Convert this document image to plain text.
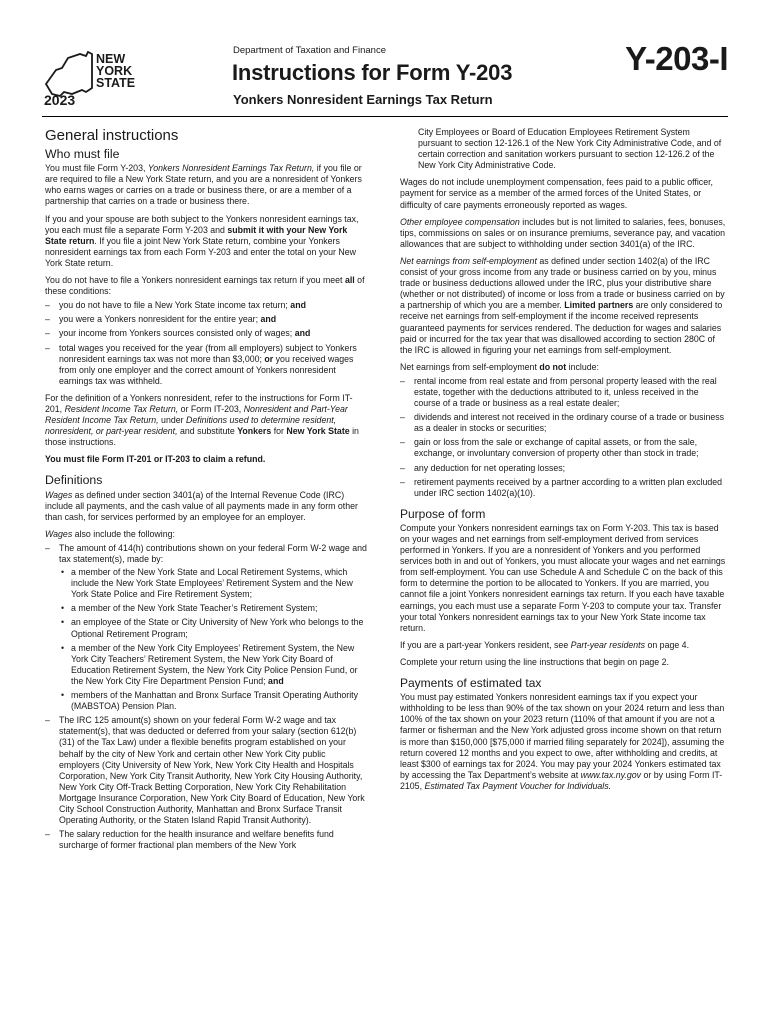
NEW
YORK
STATE
2023
Department of Taxation and Finance
Instructions for Form Y-203
Yonkers Nonresident Earnings Tax Return
Y-203-I
General instructions
Who must file

You must file Form Y-203, Yonkers Nonresident Earnings Tax Return, if you file or are required to file a New York State return, and you are a nonresident of Yonkers who earns wages or carries on a trade or business there, or are a member of a partnership that carries on a trade or business there.

If you and your spouse are both subject to the Yonkers nonresident earnings tax, you each must file a separate Form Y-203 and submit it with your New York State return. If you file a joint New York State return, combine your Yonkers nonresident earnings tax from each Form Y-203 and enter the total on your New York State return.

You do not have to file a Yonkers nonresident earnings tax return if you meet all of these conditions:

– you do not have to file a New York State income tax return; and
– you were a Yonkers nonresident for the entire year; and
– your income from Yonkers sources consisted only of wages; and
– total wages you received for the year (from all employers) subject to Yonkers nonresident earnings tax was not more than $3,000; or you received wages from only one employer and the correct amount of Yonkers nonresident earnings tax was withheld.

For the definition of a Yonkers nonresident, refer to the instructions for Form IT-201, Resident Income Tax Return, or Form IT-203, Nonresident and Part-Year Resident Income Tax Return, under Definitions used to determine resident, nonresident, or part-year resident, and substitute Yonkers for New York State in those instructions.

You must file Form IT-201 or IT-203 to claim a refund.

Definitions

Wages as defined under section 3401(a) of the Internal Revenue Code (IRC) include all payments, and the cash value of all payments made in any form other than cash, for services performed by an employee for an employer.

Wages also include the following:

– The amount of 414(h) contributions shown on your federal Form W-2 wage and tax statement(s), made by:
• a member of the New York State and Local Retirement Systems, which include the New York State Employees’ Retirement System and the New York State Police and Fire Retirement System;
• a member of the New York State Teacher’s Retirement System;
• an employee of the State or City University of New York who belongs to the Optional Retirement Program;
• a member of the New York City Employees’ Retirement System, the New York City Teachers’ Retirement System, the New York City Board of Education Retirement System, the New York City Police Pension Fund, or the New York City Fire Department Pension Fund; and
• members of the Manhattan and Bronx Surface Transit Operating Authority (MABSTOA) Pension Plan.
– The IRC 125 amount(s) shown on your federal Form W-2 wage and tax statement(s), that was deducted or deferred from your salary (section 612(b)(31) of the Tax Law) under a flexible benefits program established on your behalf by the city of New York and certain other New York City public employers (City University of New York, New York City Health and Hospitals Corporation, New York City Transit Authority, New York City Housing Authority, New York City Off-Track Betting Corporation, New York City Rehabilitation Mortgage Insurance Corporation, New York City Board of Education, New York City School Construction Authority, Manhattan and Bronx Surface Transit Operating Authority, or the Staten Island Rapid Transit Authority).
– The salary reduction for the health insurance and welfare benefits fund surcharge of former fractional plan members of the New York
City Employees or Board of Education Employees Retirement System pursuant to section 12-126.1 of the New York City Administrative Code, and of certain correction and sanitation workers pursuant to section 12-126.2 of the New York City Administrative Code.

Wages do not include unemployment compensation, fees paid to a public officer, payment for service as a member of the armed forces of the United States, or difficulty of care payments erroneously reported as wages.

Other employee compensation includes but is not limited to salaries, fees, bonuses, tips, commissions on sales or on insurance premiums, severance pay, and vacation allowances that are subject to withholding under section 3401(a) of the IRC.

Net earnings from self-employment as defined under section 1402(a) of the IRC consist of your gross income from any trade or business carried on by you, minus trade or business deductions allowed under the IRC, plus your distributive share (whether or not distributed) of income or loss from a trade or business carried on by a partnership of which you are a member. Limited partners are only considered to receive net earnings from self-employment if the income received represents guaranteed payments for services rendered. The deduction for wages and salaries paid or incurred for the tax year that was disallowed according to section 280C of the IRC is allowed in figuring your net earnings from self-employment.

Net earnings from self-employment do not include:

– rental income from real estate and from personal property leased with the real estate, together with the deductions attributed to it, unless received in the course of a trade or business as a real estate dealer;
– dividends and interest not received in the ordinary course of a trade or business as a dealer in stocks or securities;
– gain or loss from the sale or exchange of capital assets, or from the sale, exchange, or involuntary conversion of property other than stock in trade;
– any deduction for net operating losses;
– retirement payments received by a partner according to a written plan excluded under IRC section 1402(a)(10).
Purpose of form

Compute your Yonkers nonresident earnings tax on Form Y-203. This tax is based on your wages and net earnings from self-employment derived from services performed in Yonkers. If you are a nonresident of Yonkers and you performed services both in and out of Yonkers, you must allocate your wages and net earnings from self-employment. You can use Schedule A and Schedule C on the back of this form to determine the portion to be allocated to Yonkers. If you are married, you cannot file a joint Yonkers nonresident earnings tax return. If you each have taxable earnings, you each must use a separate Form Y-203 to compute your tax. Transfer your total Yonkers nonresident earnings tax to your New York State income tax return.

If you are a part-year Yonkers resident, see Part-year residents on page 4.

Complete your return using the line instructions that begin on page 2.

Payments of estimated tax

You must pay estimated Yonkers nonresident earnings tax if you expect your withholding to be less than 90% of the tax shown on your 2024 return and less than 100% of the tax shown on your 2023 return (110% of that amount if you are not a farmer or fisherman and the New York adjusted gross income shown on that return is more than $150,000 [$75,000 if married filing separately for 2024]), assuming the return covered 12 months and you expect to owe, after withholding and credits, at least $300 of earnings tax for 2024. You may pay your 2024 Yonkers estimated tax by accessing the Tax Department’s website at www.tax.ny.gov or by using Form IT-2105, Estimated Tax Payment Voucher for Individuals.
